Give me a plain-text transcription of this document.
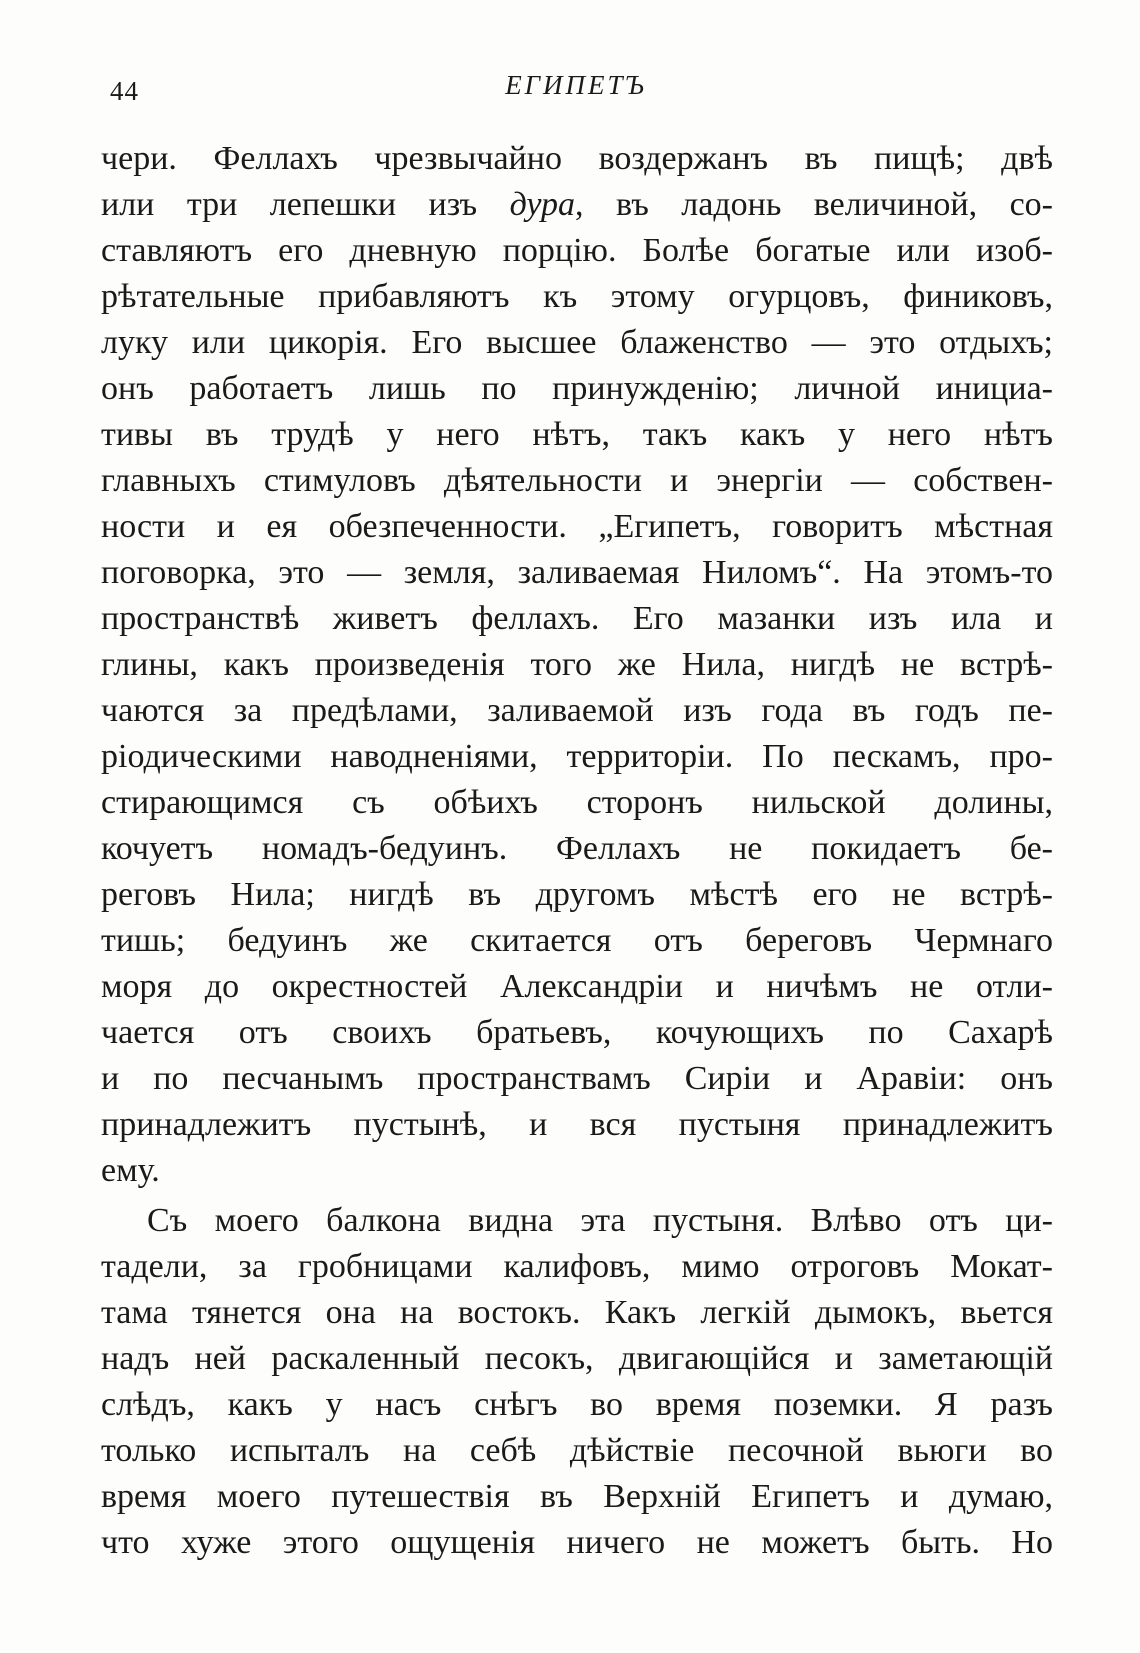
44	ЕГИПЕТЪ
чери. Феллахъ чрезвычайно воздержанъ въ пищѣ; двѣ
или три лепешки изъ дура, въ ладонь величиной, со-
ставляютъ его дневную порцію. Болѣе богатые или изоб-
рѣтательные прибавляютъ къ этому огурцовъ, финиковъ,
луку или цикорія. Его высшее блаженство — это отдыхъ;
онъ работаетъ лишь по принужденію; личной инициа-
тивы въ трудѣ у него нѣтъ, такъ какъ у него нѣтъ
главныхъ стимуловъ дѣятельности и энергіи — собствен-
ности и ея обезпеченности. „Египетъ, говоритъ мѣстная
поговорка, это — земля, заливаемая Ниломъ“. На этомъ-то
пространствѣ живетъ феллахъ. Его мазанки изъ ила и
глины, какъ произведенія того же Нила, нигдѣ не встрѣ-
чаются за предѣлами, заливаемой изъ года въ годъ пе-
ріодическими наводненіями, территоріи. По пескамъ, про-
стирающимся съ обѣихъ сторонъ нильской долины,
кочуетъ номадъ-бедуинъ. Феллахъ не покидаетъ бе-
реговъ Нила; нигдѣ въ другомъ мѣстѣ его не встрѣ-
тишь; бедуинъ же скитается отъ береговъ Чермнаго
моря до окрестностей Александріи и ничѣмъ не отли-
чается отъ своихъ братьевъ, кочующихъ по Сахарѣ
и по песчанымъ пространствамъ Сиріи и Аравіи: онъ
принадлежитъ пустынѣ, и вся пустыня принадлежитъ
ему.
Съ моего балкона видна эта пустыня. Влѣво отъ ци-
тадели, за гробницами калифовъ, мимо отроговъ Мокат-
тама тянется она на востокъ. Какъ легкій дымокъ, вьется
надъ ней раскаленный песокъ, двигающійся и заметающій
слѣдъ, какъ у насъ снѣгъ во время поземки. Я разъ
только испыталъ на себѣ дѣйствіе песочной вьюги во
время моего путешествія въ Верхній Египетъ и думаю,
что хуже этого ощущенія ничего не можетъ быть. Но
